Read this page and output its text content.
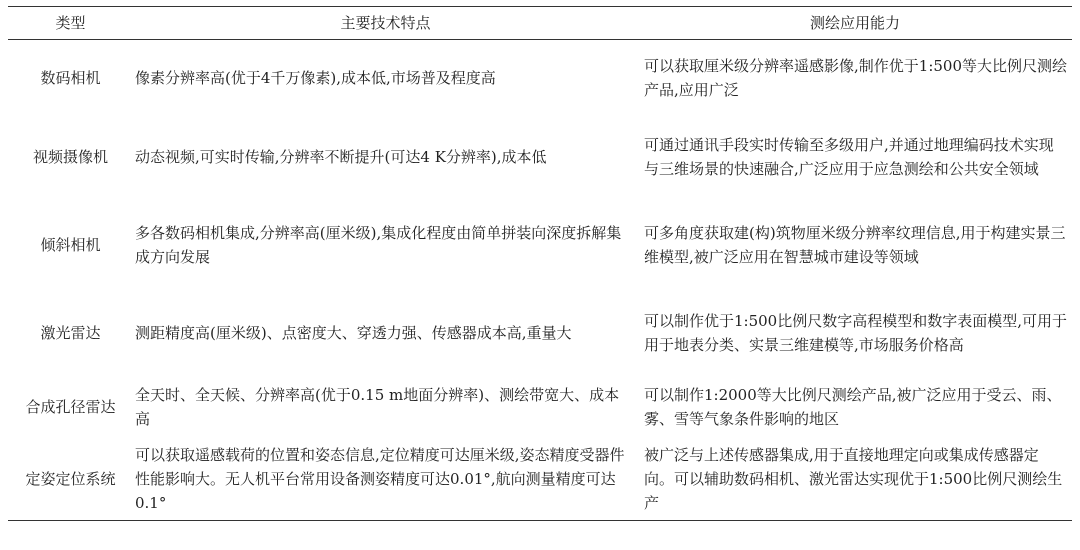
类型	主要技术特点	测绘应用能力
数码相机	像素分辨率高(优于4千万像素),成本低,市场普及程度高	可以获取厘米级分辨率遥感影像,制作优于1:500等大比例尺测绘产品,应用广泛
视频摄像机	动态视频,可实时传输,分辨率不断提升(可达4 K分辨率),成本低	可通过通讯手段实时传输至多级用户,并通过地理编码技术实现与三维场景的快速融合,广泛应用于应急测绘和公共安全领域
倾斜相机	多各数码相机集成,分辨率高(厘米级),集成化程度由简单拼装向深度拆解集成方向发展	可多角度获取建(构)筑物厘米级分辨率纹理信息,用于构建实景三维模型,被广泛应用在智慧城市建设等领域
激光雷达	测距精度高(厘米级)、点密度大、穿透力强、传感器成本高,重量大	可以制作优于1:500比例尺数字高程模型和数字表面模型,可用于用于地表分类、实景三维建模等,市场服务价格高
合成孔径雷达	全天时、全天候、分辨率高(优于0.15 m地面分辨率)、测绘带宽大、成本高	可以制作1:2000等大比例尺测绘产品,被广泛应用于受云、雨、雾、雪等气象条件影响的地区
定姿定位系统	可以获取遥感载荷的位置和姿态信息,定位精度可达厘米级,姿态精度受器件性能影响大。无人机平台常用设备测姿精度可达0.01°,航向测量精度可达0.1°	被广泛与上述传感器集成,用于直接地理定向或集成传感器定向。可以辅助数码相机、激光雷达实现优于1:500比例尺测绘生产
